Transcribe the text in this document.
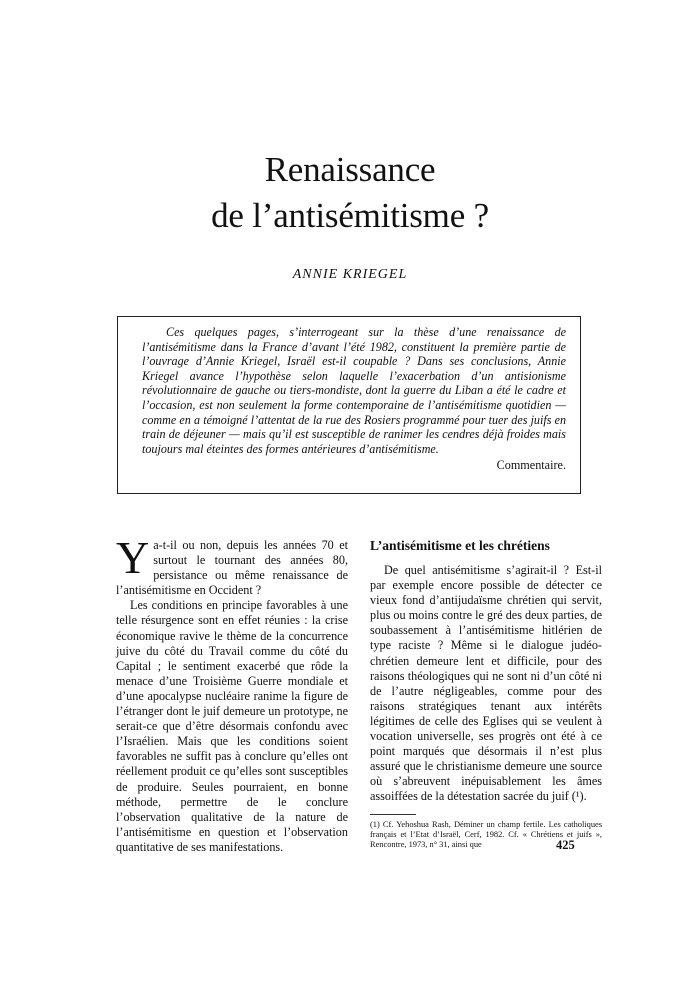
Renaissance
de l’antisémitisme ?
ANNIE KRIEGEL

Ces quelques pages, s’interrogeant sur la thèse d’une renaissance de l’antisémitisme dans la France d’avant l’été 1982, constituent la première partie de l’ouvrage d’Annie Kriegel, Israël est-il coupable ? Dans ses conclusions, Annie Kriegel avance l’hypothèse selon laquelle l’exacerbation d’un antisionisme révolutionnaire de gauche ou tiers-mondiste, dont la guerre du Liban a été le cadre et l’occasion, est non seulement la forme contemporaine de l’antisémitisme quotidien — comme en a témoigné l’attentat de la rue des Rosiers programmé pour tuer des juifs en train de déjeuner — mais qu’il est susceptible de ranimer les cendres déjà froides mais toujours mal éteintes des formes antérieures d’antisémitisme.

Commentaire.

Y a-t-il ou non, depuis les années 70 et surtout le tournant des années 80, persistance ou même renaissance de l’antisémitisme en Occident ?

Les conditions en principe favorables à une telle résurgence sont en effet réunies : la crise économique ravive le thème de la concurrence juive du côté du Travail comme du côté du Capital ; le sentiment exacerbé que rôde la menace d’une Troisième Guerre mondiale et d’une apocalypse nucléaire ranime la figure de l’étranger dont le juif demeure un prototype, ne serait-ce que d’être désormais confondu avec l’Israélien. Mais que les conditions soient favorables ne suffit pas à conclure qu’elles ont réellement produit ce qu’elles sont susceptibles de produire. Seules pourraient, en bonne méthode, permettre de le conclure l’observation qualitative de la nature de l’antisémitisme en question et l’observation quantitative de ses manifestations.

L’antisémitisme et les chrétiens

De quel antisémitisme s’agirait-il ? Est-il par exemple encore possible de détecter ce vieux fond d’antijudaïsme chrétien qui servit, plus ou moins contre le gré des deux parties, de soubassement à l’antisémitisme hitlérien de type raciste ? Même si le dialogue judéo-chrétien demeure lent et difficile, pour des raisons théologiques qui ne sont ni d’un côté ni de l’autre négligeables, comme pour des raisons stratégiques tenant aux intérêts légitimes de celle des Eglises qui se veulent à vocation universelle, ses progrès ont été à ce point marqués que désormais il n’est plus assuré que le christianisme demeure une source où s’abreuvent inépuisablement les âmes assoiffées de la détestation sacrée du juif (¹).

(1) Cf. Yehoshua Rash, Déminer un champ fertile. Les catholiques français et l’Etat d’Israël, Cerf, 1982. Cf. « Chrétiens et juifs », Rencontre, 1973, n° 31, ainsi que	425
